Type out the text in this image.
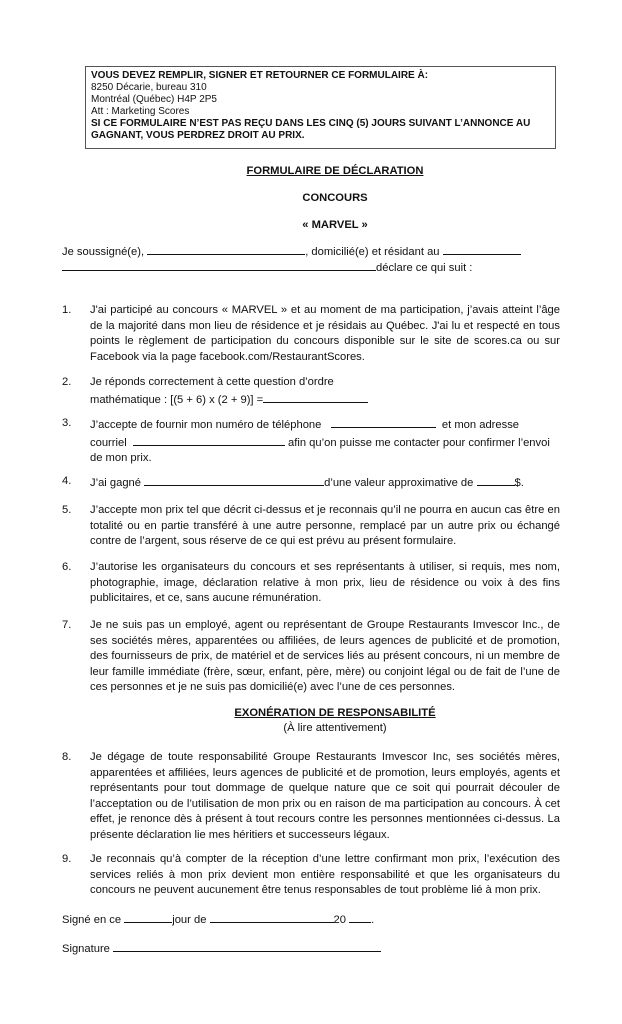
VOUS DEVEZ REMPLIR, SIGNER ET RETOURNER CE FORMULAIRE À:
8250 Décarie, bureau 310
Montréal (Québec) H4P 2P5
Att : Marketing Scores
SI CE FORMULAIRE N’EST PAS REÇU DANS LES CINQ (5) JOURS SUIVANT L’ANNONCE AU GAGNANT, VOUS PERDREZ DROIT AU PRIX.
FORMULAIRE DE DÉCLARATION
CONCOURS
« MARVEL »
Je soussigné(e),	, domicilié(e) et résidant au
déclare ce qui suit :
1. J'ai participé au concours « MARVEL » et au moment de ma participation, j’avais atteint l’âge de la majorité dans mon lieu de résidence et je résidais au Québec. J'ai lu et respecté en tous points le règlement de participation du concours disponible sur le site de scores.ca ou sur Facebook via la page facebook.com/RestaurantScores.
2. Je réponds correctement à cette question d’ordre
mathématique : [(5 + 6) x (2 + 9)] =
3. J’accepte de fournir mon numéro de téléphone	et mon adresse
courriel	afin qu’on puisse me contacter pour confirmer l’envoi
de mon prix.
4. J’ai gagné	d’une valeur approximative de	$.
5. J’accepte mon prix tel que décrit ci-dessus et je reconnais qu’il ne pourra en aucun cas être en totalité ou en partie transféré à une autre personne, remplacé par un autre prix ou échangé contre de l’argent, sous réserve de ce qui est prévu au présent formulaire.
6. J’autorise les organisateurs du concours et ses représentants à utiliser, si requis, mes nom, photographie, image, déclaration relative à mon prix, lieu de résidence ou voix à des fins publicitaires, et ce, sans aucune rémunération.
7. Je ne suis pas un employé, agent ou représentant de Groupe Restaurants Imvescor Inc., de ses sociétés mères, apparentées ou affiliées, de leurs agences de publicité et de promotion, des fournisseurs de prix, de matériel et de services liés au présent concours, ni un membre de leur famille immédiate (frère, sœur, enfant, père, mère) ou conjoint légal ou de fait de l’une de ces personnes et je ne suis pas domicilié(e) avec l’une de ces personnes.
EXONÉRATION DE RESPONSABILITÉ
(À lire attentivement)
8. Je dégage de toute responsabilité Groupe Restaurants Imvescor Inc, ses sociétés mères, apparentées et affiliées, leurs agences de publicité et de promotion, leurs employés, agents et représentants pour tout dommage de quelque nature que ce soit qui pourrait découler de l’acceptation ou de l’utilisation de mon prix ou en raison de ma participation au concours. À cet effet, je renonce dès à présent à tout recours contre les personnes mentionnées ci-dessus. La présente déclaration lie mes héritiers et successeurs légaux.
9. Je reconnais qu’à compter de la réception d’une lettre confirmant mon prix, l’exécution des services reliés à mon prix devient mon entière responsabilité et que les organisateurs du concours ne peuvent aucunement être tenus responsables de tout problème lié à mon prix.
Signé en ce	jour de	20 .
Signature
